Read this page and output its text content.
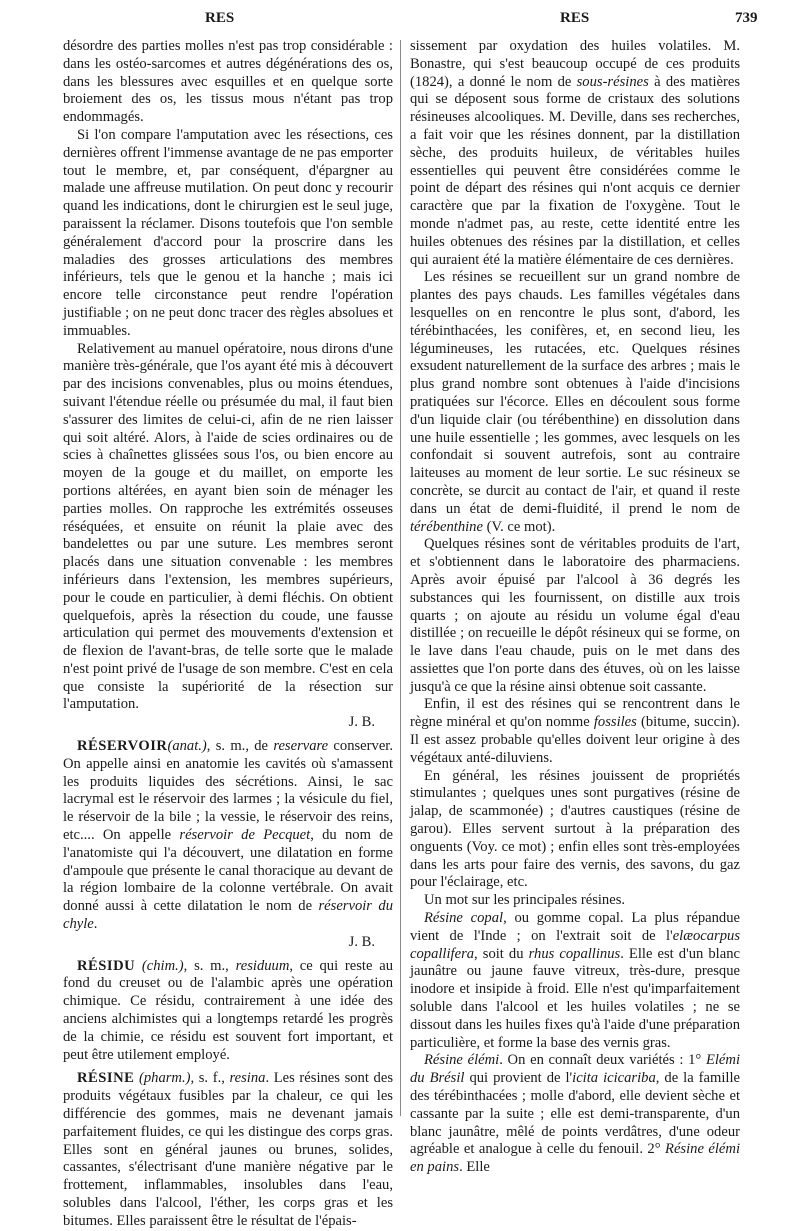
RES	RES	739

désordre des parties molles n'est pas trop considérable : dans les ostéo-sarcomes et autres dégénérations des os, dans les blessures avec esquilles et en quelque sorte broiement des os, les tissus mous n'étant pas trop endommagés.

Si l'on compare l'amputation avec les résections, ces dernières offrent l'immense avantage de ne pas emporter tout le membre, et, par conséquent, d'épargner au malade une affreuse mutilation. On peut donc y recourir quand les indications, dont le chirurgien est le seul juge, paraissent la réclamer. Disons toutefois que l'on semble généralement d'accord pour la proscrire dans les maladies des grosses articulations des membres inférieurs, tels que le genou et la hanche ; mais ici encore telle circonstance peut rendre l'opération justifiable ; on ne peut donc tracer des règles absolues et immuables.

Relativement au manuel opératoire, nous dirons d'une manière très-générale, que l'os ayant été mis à découvert par des incisions convenables, plus ou moins étendues, suivant l'étendue réelle ou présumée du mal, il faut bien s'assurer des limites de celui-ci, afin de ne rien laisser qui soit altéré. Alors, à l'aide de scies ordinaires ou de scies à chaînettes glissées sous l'os, ou bien encore au moyen de la gouge et du maillet, on emporte les portions altérées, en ayant bien soin de ménager les parties molles. On rapproche les extrémités osseuses réséquées, et ensuite on réunit la plaie avec des bandelettes ou par une suture. Les membres seront placés dans une situation convenable : les membres inférieurs dans l'extension, les membres supérieurs, pour le coude en particulier, à demi fléchis. On obtient quelquefois, après la résection du coude, une fausse articulation qui permet des mouvements d'extension et de flexion de l'avant-bras, de telle sorte que le malade n'est point privé de l'usage de son membre. C'est en cela que consiste la supériorité de la résection sur l'amputation.

J. B.

RÉSERVOIR(anat.), s. m., de reservare conserver. On appelle ainsi en anatomie les cavités où s'amassent les produits liquides des sécrétions. Ainsi, le sac lacrymal est le réservoir des larmes ; la vésicule du fiel, le réservoir de la bile ; la vessie, le réservoir des reins, etc.... On appelle réservoir de Pecquet, du nom de l'anatomiste qui l'a découvert, une dilatation en forme d'ampoule que présente le canal thoracique au devant de la région lombaire de la colonne vertébrale. On avait donné aussi à cette dilatation le nom de réservoir du chyle.

J. B.

RÉSIDU (chim.), s. m., residuum, ce qui reste au fond du creuset ou de l'alambic après une opération chimique. Ce résidu, contrairement à une idée des anciens alchimistes qui a longtemps retardé les progrès de la chimie, ce résidu est souvent fort important, et peut être utilement employé.

RÉSINE (pharm.), s. f., resina. Les résines sont des produits végétaux fusibles par la chaleur, ce qui les différencie des gommes, mais ne devenant jamais parfaitement fluides, ce qui les distingue des corps gras. Elles sont en général jaunes ou brunes, solides, cassantes, s'électrisant d'une manière négative par le frottement, inflammables, insolubles dans l'eau, solubles dans l'alcool, l'éther, les corps gras et les bitumes. Elles paraissent être le résultat de l'épais-

sissement par oxydation des huiles volatiles. M. Bonastre, qui s'est beaucoup occupé de ces produits (1824), a donné le nom de sous-résines à des matières qui se déposent sous forme de cristaux des solutions résineuses alcooliques. M. Deville, dans ses recherches, a fait voir que les résines donnent, par la distillation sèche, des produits huileux, de véritables huiles essentielles qui peuvent être considérées comme le point de départ des résines qui n'ont acquis ce dernier caractère que par la fixation de l'oxygène. Tout le monde n'admet pas, au reste, cette identité entre les huiles obtenues des résines par la distillation, et celles qui auraient été la matière élémentaire de ces dernières.

Les résines se recueillent sur un grand nombre de plantes des pays chauds. Les familles végétales dans lesquelles on en rencontre le plus sont, d'abord, les térébinthacées, les conifères, et, en second lieu, les légumineuses, les rutacées, etc. Quelques résines exsudent naturellement de la surface des arbres ; mais le plus grand nombre sont obtenues à l'aide d'incisions pratiquées sur l'écorce. Elles en découlent sous forme d'un liquide clair (ou térébenthine) en dissolution dans une huile essentielle ; les gommes, avec lesquels on les confondait si souvent autrefois, sont au contraire laiteuses au moment de leur sortie. Le suc résineux se concrète, se durcit au contact de l'air, et quand il reste dans un état de demi-fluidité, il prend le nom de térébenthine (V. ce mot).

Quelques résines sont de véritables produits de l'art, et s'obtiennent dans le laboratoire des pharmaciens. Après avoir épuisé par l'alcool à 36 degrés les substances qui les fournissent, on distille aux trois quarts ; on ajoute au résidu un volume égal d'eau distillée ; on recueille le dépôt résineux qui se forme, on le lave dans l'eau chaude, puis on le met dans des assiettes que l'on porte dans des étuves, où on les laisse jusqu'à ce que la résine ainsi obtenue soit cassante.

Enfin, il est des résines qui se rencontrent dans le règne minéral et qu'on nomme fossiles (bitume, succin). Il est assez probable qu'elles doivent leur origine à des végétaux anté-diluviens.

En général, les résines jouissent de propriétés stimulantes ; quelques unes sont purgatives (résine de jalap, de scammonée) ; d'autres caustiques (résine de garou). Elles servent surtout à la préparation des onguents (Voy. ce mot) ; enfin elles sont très-employées dans les arts pour faire des vernis, des savons, du gaz pour l'éclairage, etc.

Un mot sur les principales résines.

Résine copal, ou gomme copal. La plus répandue vient de l'Inde ; on l'extrait soit de l'elæocarpus copallifera, soit du rhus copallinus. Elle est d'un blanc jaunâtre ou jaune fauve vitreux, très-dure, presque inodore et insipide à froid. Elle n'est qu'imparfaitement soluble dans l'alcool et les huiles volatiles ; ne se dissout dans les huiles fixes qu'à l'aide d'une préparation particulière, et forme la base des vernis gras.

Résine élémi. On en connaît deux variétés : 1° Elémi du Brésil qui provient de l'icita icicariba, de la famille des térébinthacées ; molle d'abord, elle devient sèche et cassante par la suite ; elle est demi-transparente, d'un blanc jaunâtre, mêlé de points verdâtres, d'une odeur agréable et analogue à celle du fenouil. 2° Résine élémi en pains. Elle
